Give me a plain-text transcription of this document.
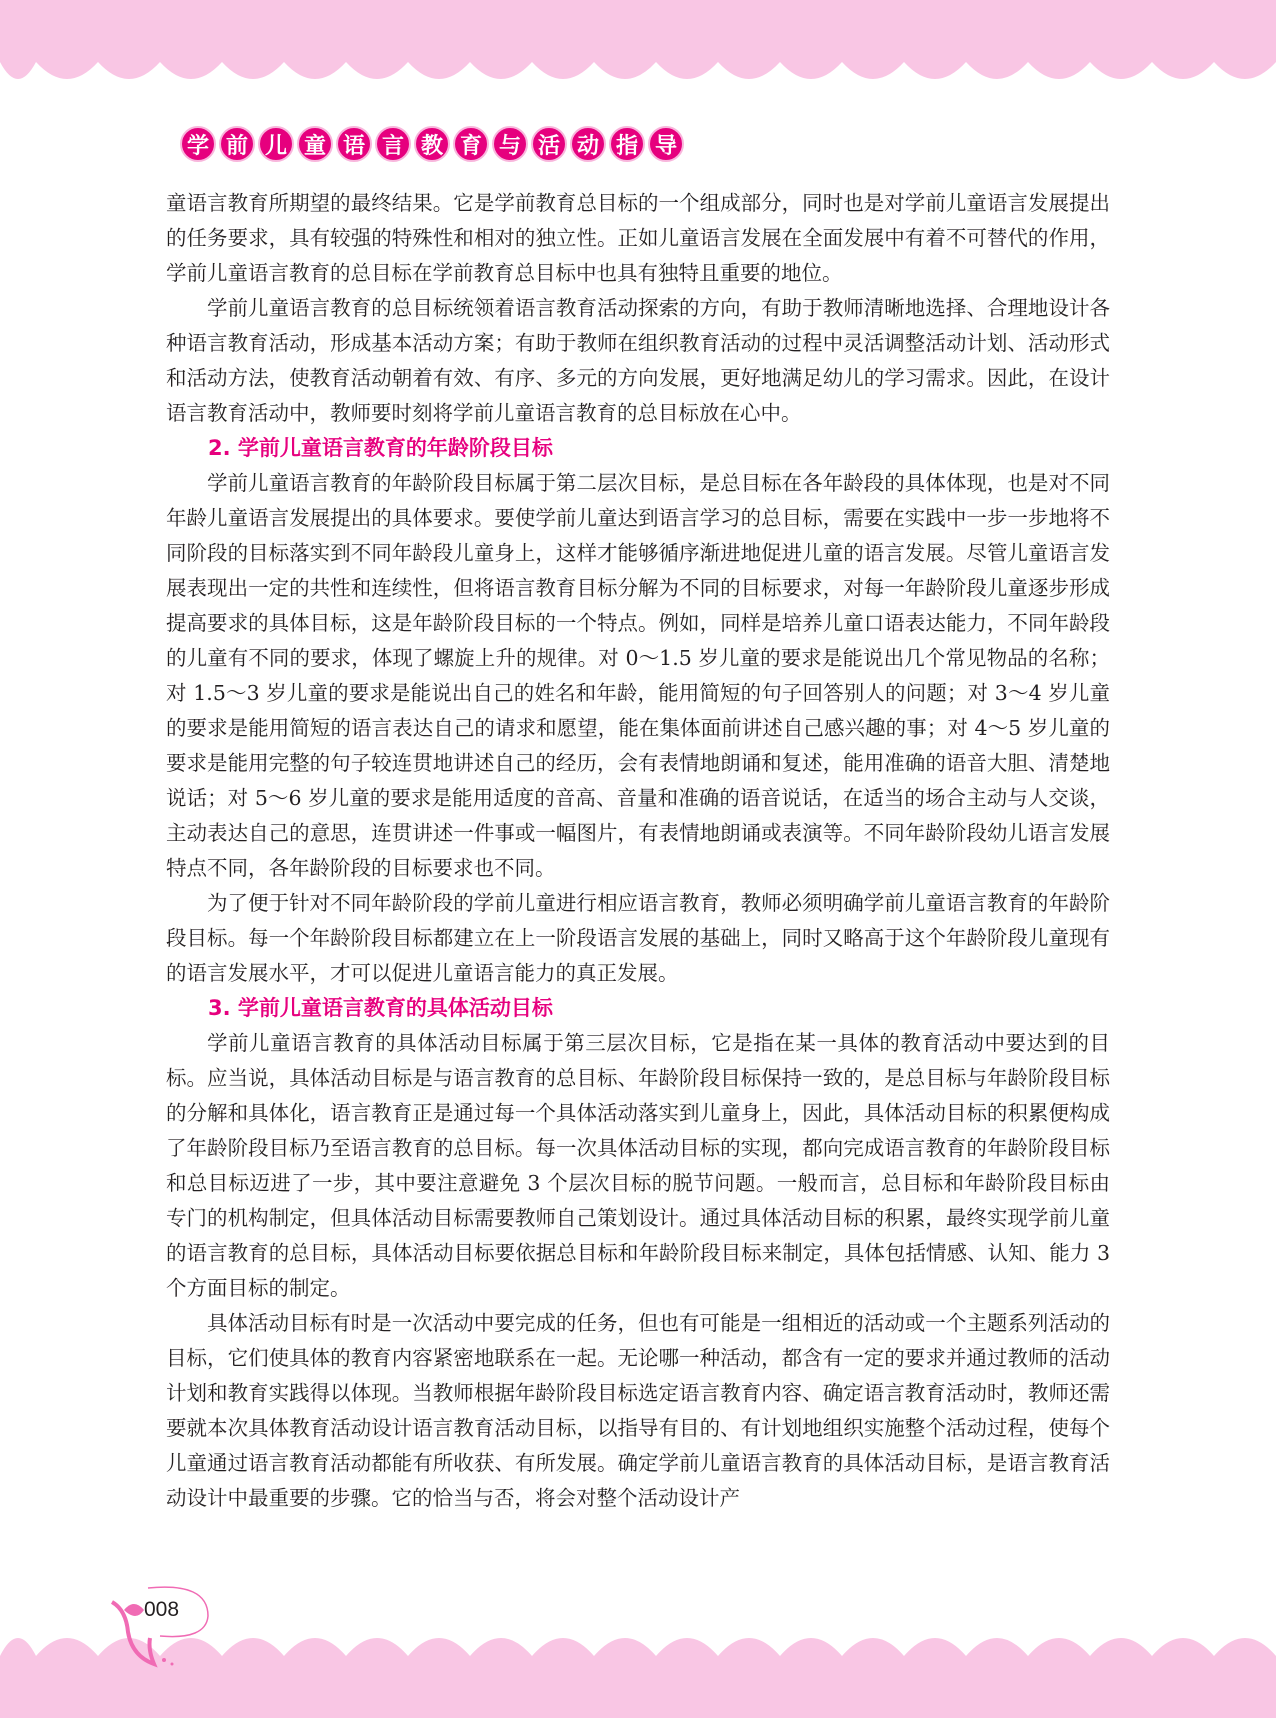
学 前 儿 童 语 言 教 育 与 活 动 指 导

童语言教育所期望的最终结果。它是学前教育总目标的一个组成部分，同时也是对学前儿童语言发展提出的任务要求，具有较强的特殊性和相对的独立性。正如儿童语言发展在全面发展中有着不可替代的作用，学前儿童语言教育的总目标在学前教育总目标中也具有独特且重要的地位。

学前儿童语言教育的总目标统领着语言教育活动探索的方向，有助于教师清晰地选择、合理地设计各种语言教育活动，形成基本活动方案；有助于教师在组织教育活动的过程中灵活调整活动计划、活动形式和活动方法，使教育活动朝着有效、有序、多元的方向发展，更好地满足幼儿的学习需求。因此，在设计语言教育活动中，教师要时刻将学前儿童语言教育的总目标放在心中。

2. 学前儿童语言教育的年龄阶段目标

学前儿童语言教育的年龄阶段目标属于第二层次目标，是总目标在各年龄段的具体体现，也是对不同年龄儿童语言发展提出的具体要求。要使学前儿童达到语言学习的总目标，需要在实践中一步一步地将不同阶段的目标落实到不同年龄段儿童身上，这样才能够循序渐进地促进儿童的语言发展。尽管儿童语言发展表现出一定的共性和连续性，但将语言教育目标分解为不同的目标要求，对每一年龄阶段儿童逐步形成提高要求的具体目标，这是年龄阶段目标的一个特点。例如，同样是培养儿童口语表达能力，不同年龄段的儿童有不同的要求，体现了螺旋上升的规律。对 0～1.5 岁儿童的要求是能说出几个常见物品的名称；对 1.5～3 岁儿童的要求是能说出自己的姓名和年龄，能用简短的句子回答别人的问题；对 3～4 岁儿童的要求是能用简短的语言表达自己的请求和愿望，能在集体面前讲述自己感兴趣的事；对 4～5 岁儿童的要求是能用完整的句子较连贯地讲述自己的经历，会有表情地朗诵和复述，能用准确的语音大胆、清楚地说话；对 5～6 岁儿童的要求是能用适度的音高、音量和准确的语音说话，在适当的场合主动与人交谈，主动表达自己的意思，连贯讲述一件事或一幅图片，有表情地朗诵或表演等。不同年龄阶段幼儿语言发展特点不同，各年龄阶段的目标要求也不同。

为了便于针对不同年龄阶段的学前儿童进行相应语言教育，教师必须明确学前儿童语言教育的年龄阶段目标。每一个年龄阶段目标都建立在上一阶段语言发展的基础上，同时又略高于这个年龄阶段儿童现有的语言发展水平，才可以促进儿童语言能力的真正发展。

3. 学前儿童语言教育的具体活动目标

学前儿童语言教育的具体活动目标属于第三层次目标，它是指在某一具体的教育活动中要达到的目标。应当说，具体活动目标是与语言教育的总目标、年龄阶段目标保持一致的，是总目标与年龄阶段目标的分解和具体化，语言教育正是通过每一个具体活动落实到儿童身上，因此，具体活动目标的积累便构成了年龄阶段目标乃至语言教育的总目标。每一次具体活动目标的实现，都向完成语言教育的年龄阶段目标和总目标迈进了一步，其中要注意避免 3 个层次目标的脱节问题。一般而言，总目标和年龄阶段目标由专门的机构制定，但具体活动目标需要教师自己策划设计。通过具体活动目标的积累，最终实现学前儿童的语言教育的总目标，具体活动目标要依据总目标和年龄阶段目标来制定，具体包括情感、认知、能力 3 个方面目标的制定。

具体活动目标有时是一次活动中要完成的任务，但也有可能是一组相近的活动或一个主题系列活动的目标，它们使具体的教育内容紧密地联系在一起。无论哪一种活动，都含有一定的要求并通过教师的活动计划和教育实践得以体现。当教师根据年龄阶段目标选定语言教育内容、确定语言教育活动时，教师还需要就本次具体教育活动设计语言教育活动目标，以指导有目的、有计划地组织实施整个活动过程，使每个儿童通过语言教育活动都能有所收获、有所发展。确定学前儿童语言教育的具体活动目标，是语言教育活动设计中最重要的步骤。它的恰当与否，将会对整个活动设计产

008
